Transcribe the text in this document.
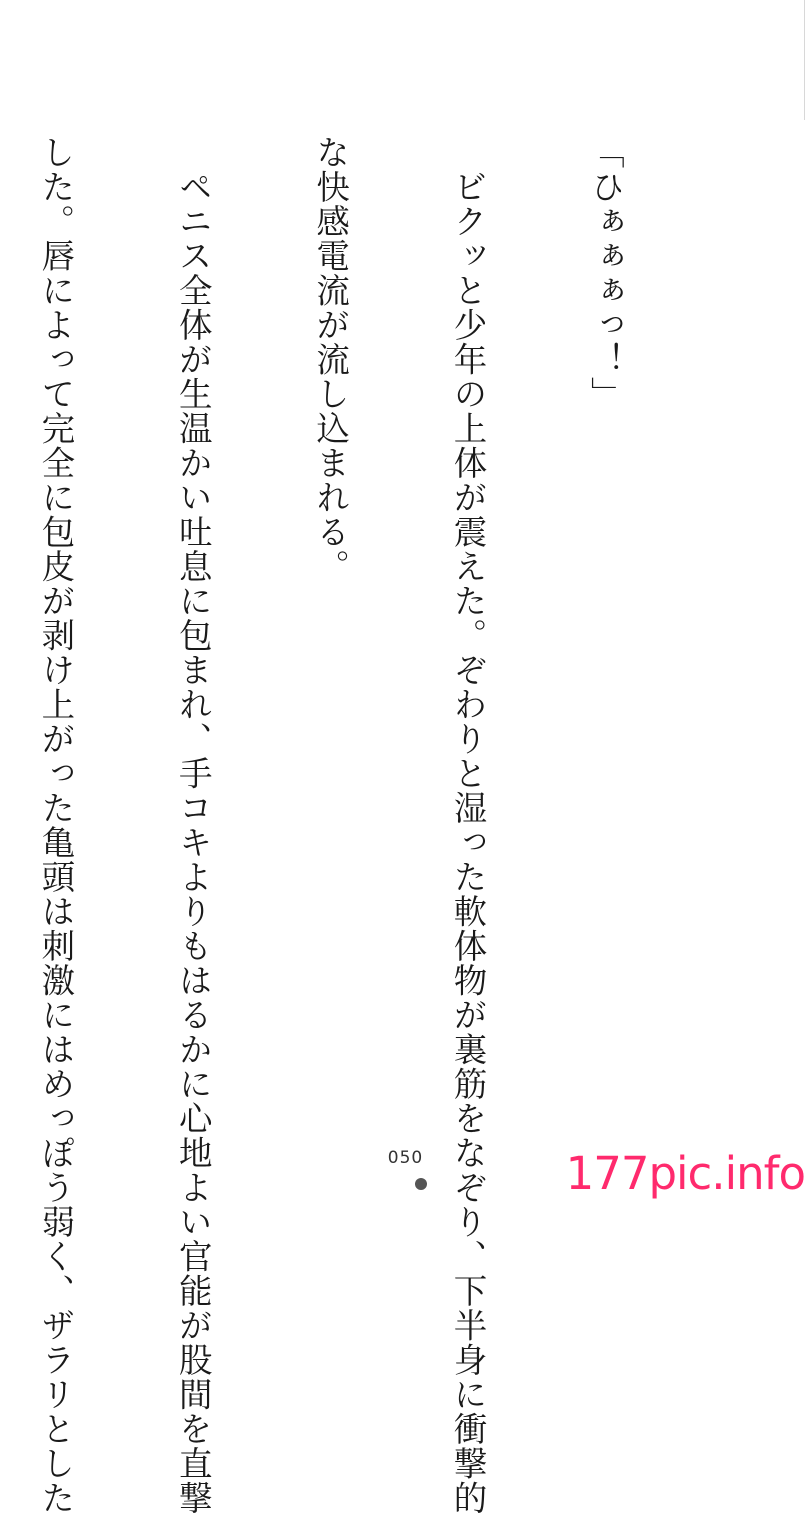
「ひぁぁぁっ！」

　ビクッと少年の上体が震えた。ぞわりと湿った軟体物が裏筋をなぞり、下半身に衝撃的

な快感電流が流し込まれる。

　ペニス全体が生温かい吐息に包まれ、手コキよりもはるかに心地よい官能が股間を直撃

した。唇によって完全に包皮が剥け上がった亀頭は刺激にはめっぽう弱く、ザラリとした

	050	177pic.info
